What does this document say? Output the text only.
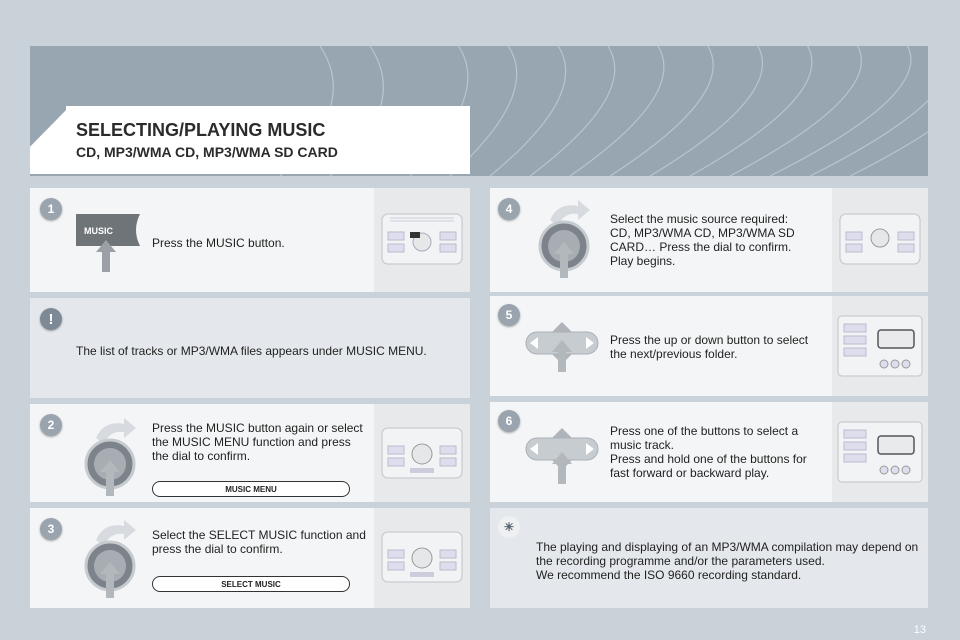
SELECTING/PLAYING MUSIC
CD, MP3/WMA CD, MP3/WMA SD CARD
1
MUSIC

Press the MUSIC button.

!

The list of tracks or MP3/WMA files appears under MUSIC MENU.

2	Press the MUSIC button again or select the MUSIC MENU function and press the dial to confirm.

MUSIC MENU
3	Select the SELECT MUSIC function and press the dial to confirm.

SELECT MUSIC
4

Select the music source required: CD, MP3/WMA CD, MP3/WMA SD CARD… Press the dial to confirm. Play begins.

5

Press the up or down button to select the next/previous folder.

6

Press one of the buttons to select a music track.
Press and hold one of the buttons for fast forward or backward play.

☀

The playing and displaying of an MP3/WMA compilation may depend on the recording programme and/or the parameters used.
We recommend the ISO 9660 recording standard.

13
